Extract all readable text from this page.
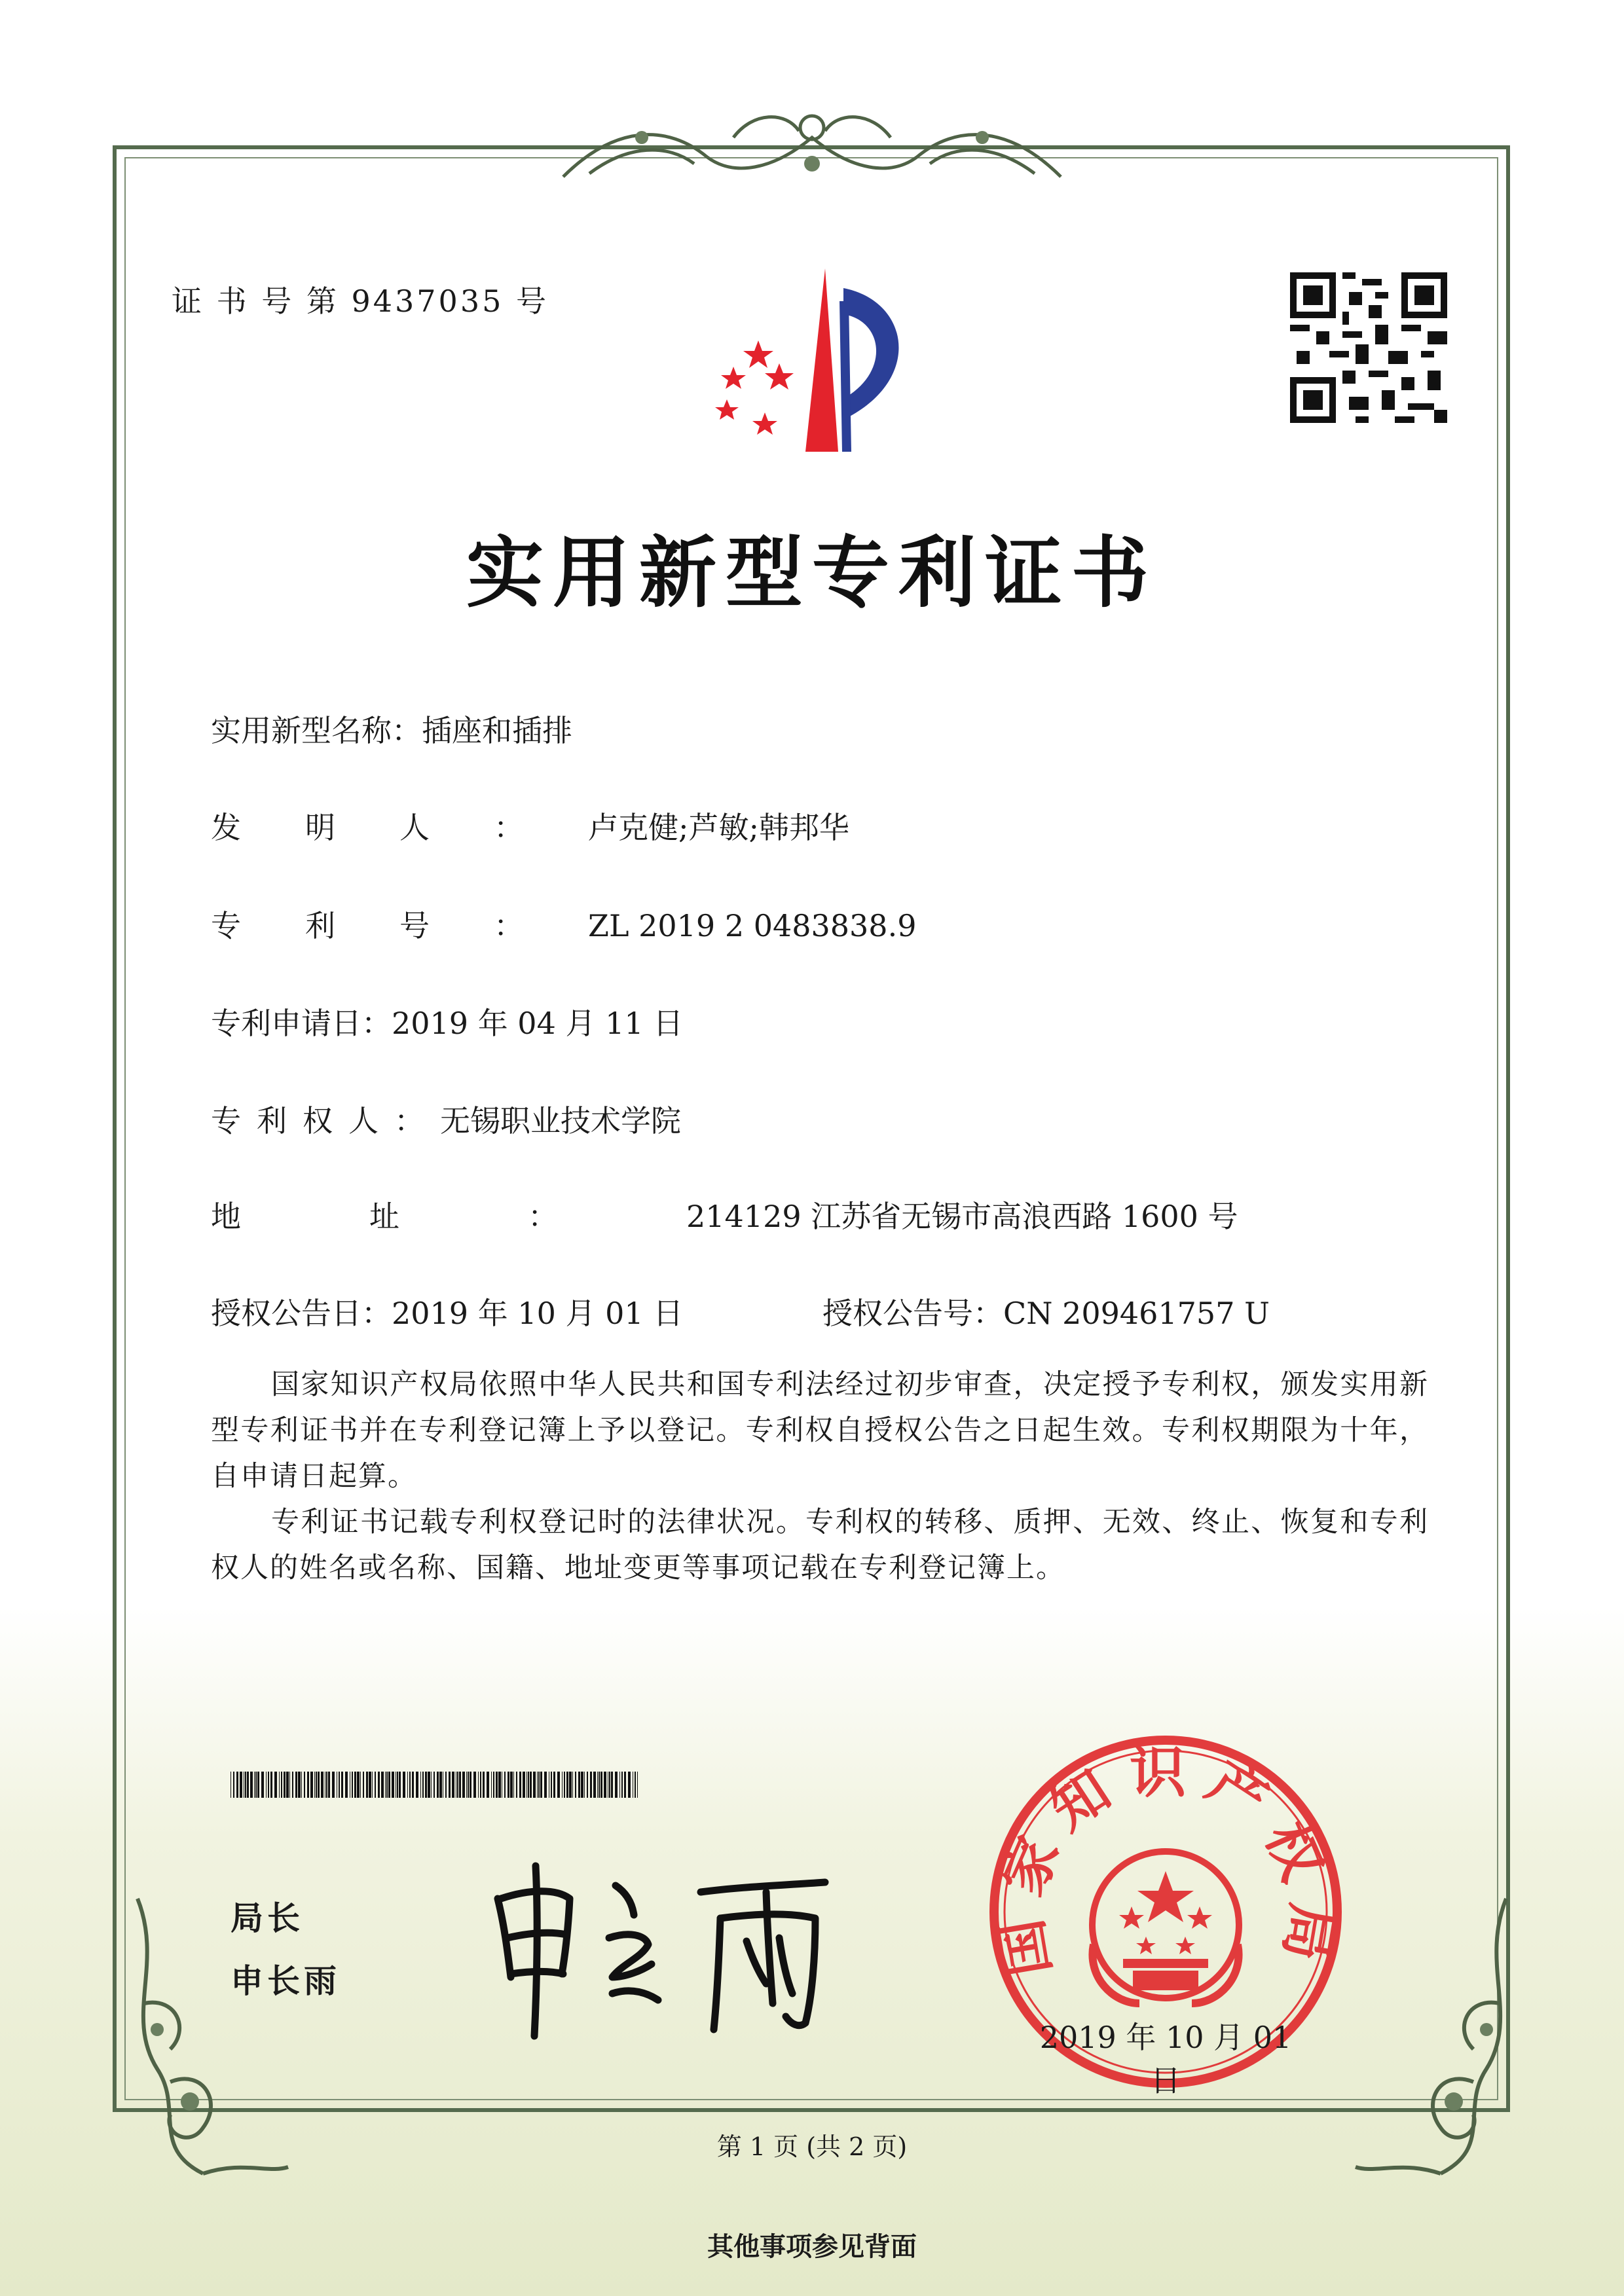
证 书 号 第 9437035 号
实用新型专利证书
实用新型名称：插座和插排
发明人：卢克健;芦敏;韩邦华
专利号：ZL 2019 2 0483838.9
专利申请日：2019 年 04 月 11 日
专利权人：无锡职业技术学院
地址：214129 江苏省无锡市高浪西路 1600 号
授权公告日：2019 年 10 月 01 日	授权公告号：CN 209461757 U
国家知识产权局依照中华人民共和国专利法经过初步审查，决定授予专利权，颁发实用新型专利证书并在专利登记簿上予以登记。专利权自授权公告之日起生效。专利权期限为十年，自申请日起算。
专利证书记载专利权登记时的法律状况。专利权的转移、质押、无效、终止、恢复和专利权人的姓名或名称、国籍、地址变更等事项记载在专利登记簿上。
局长
申长雨
国家知识产权局
2019 年 10 月 01 日
第 1 页 (共 2 页)
其他事项参见背面
